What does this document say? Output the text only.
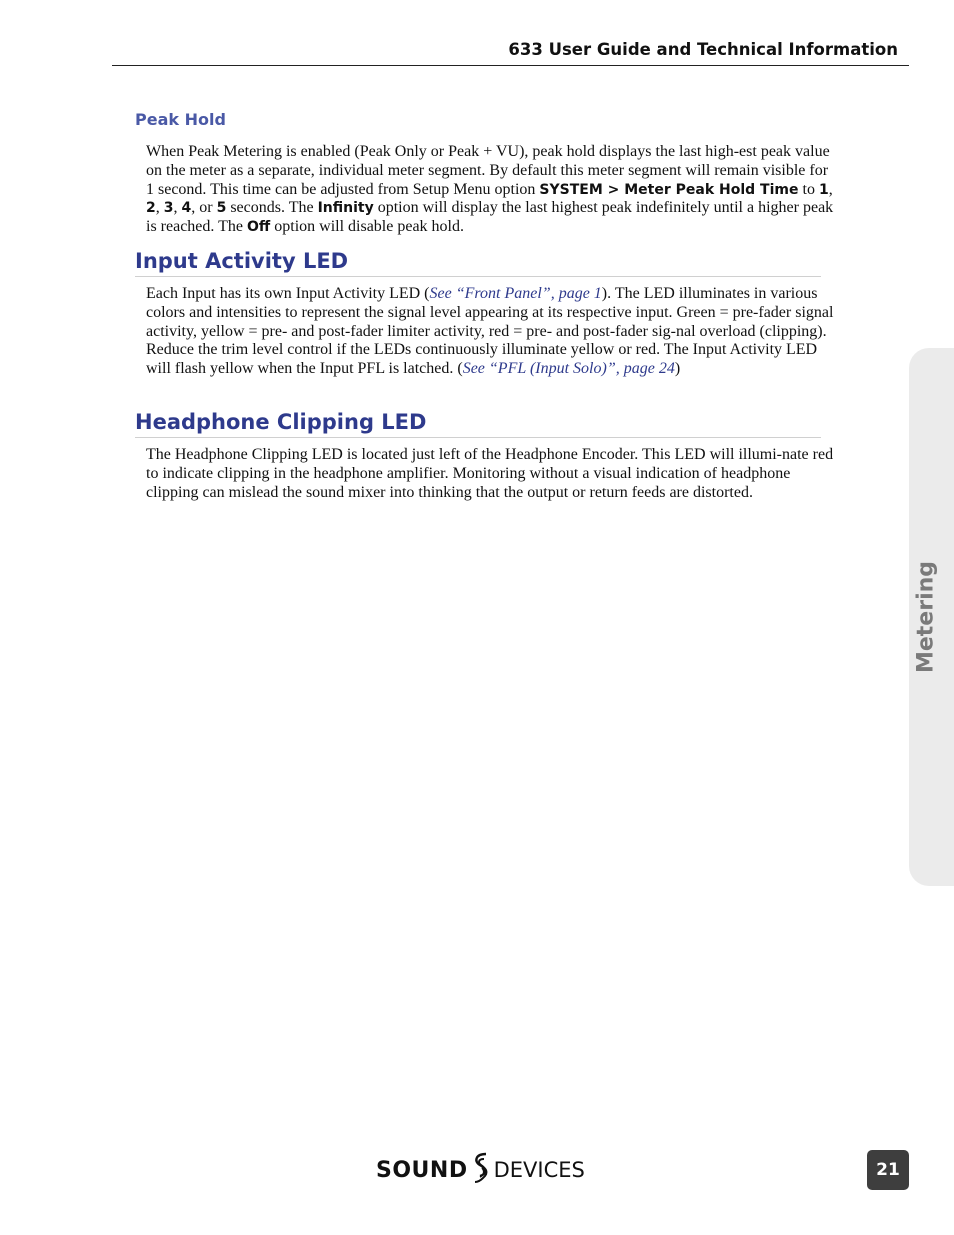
633 User Guide and Technical Information
Peak Hold

When Peak Metering is enabled (Peak Only or Peak + VU), peak hold displays the last high-est peak value on the meter as a separate, individual meter segment. By default this meter segment will remain visible for 1 second. This time can be adjusted from Setup Menu option SYSTEM > Meter Peak Hold Time to 1, 2, 3, 4, or 5 seconds. The Infinity option will display the last highest peak indefinitely until a higher peak is reached. The Off option will disable peak hold.

Input Activity LED

Each Input has its own Input Activity LED (See “Front Panel”, page 1). The LED illuminates in various colors and intensities to represent the signal level appearing at its respective input. Green = pre-fader signal activity, yellow = pre- and post-fader limiter activity, red = pre- and post-fader sig-nal overload (clipping). Reduce the trim level control if the LEDs continuously illuminate yellow or red. The Input Activity LED will flash yellow when the Input PFL is latched. (See “PFL (Input Solo)”, page 24)

Headphone Clipping LED

The Headphone Clipping LED is located just left of the Headphone Encoder. This LED will illumi-nate red to indicate clipping in the headphone amplifier. Monitoring without a visual indication of headphone clipping can mislead the sound mixer into thinking that the output or return feeds are distorted.

Metering
SOUND DEVICES	21
